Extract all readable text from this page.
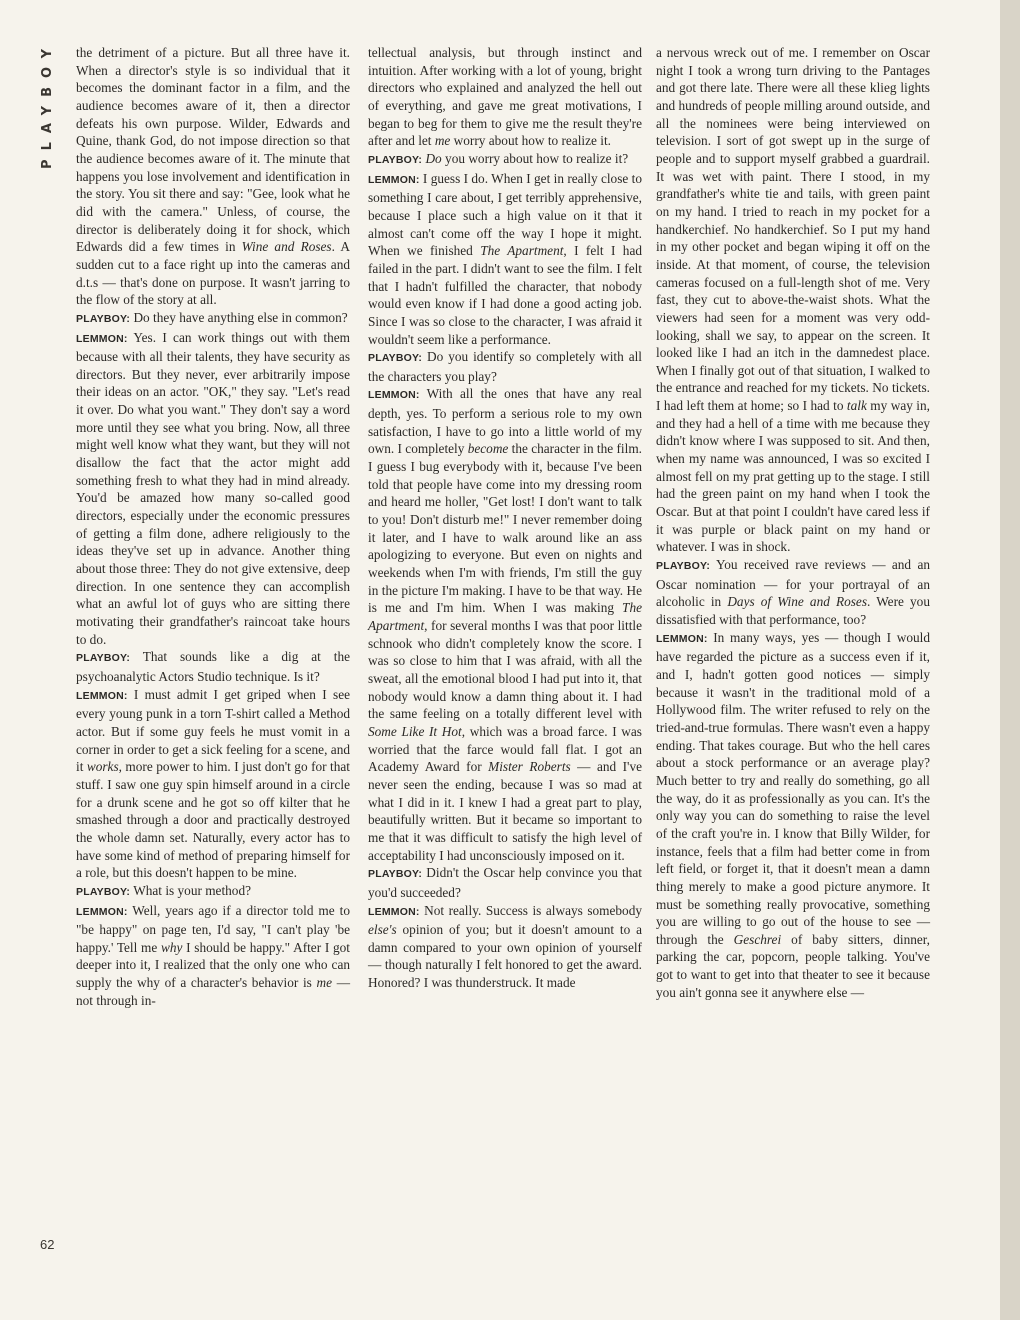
PLAYBOY
62

the detriment of a picture. But all three have it. When a director's style is so individual that it becomes the dominant factor in a film, and the audience becomes aware of it, then a director defeats his own purpose. Wilder, Edwards and Quine, thank God, do not impose direction so that the audience becomes aware of it. The minute that happens you lose involvement and identification in the story. You sit there and say: "Gee, look what he did with the camera." Unless, of course, the director is deliberately doing it for shock, which Edwards did a few times in Wine and Roses. A sudden cut to a face right up into the cameras and d.t.s — that's done on purpose. It wasn't jarring to the flow of the story at all.

PLAYBOY: Do they have anything else in common?

LEMMON: Yes. I can work things out with them because with all their talents, they have security as directors. But they never, ever arbitrarily impose their ideas on an actor. "OK," they say. "Let's read it over. Do what you want." They don't say a word more until they see what you bring. Now, all three might well know what they want, but they will not disallow the fact that the actor might add something fresh to what they had in mind already. You'd be amazed how many so-called good directors, especially under the economic pressures of getting a film done, adhere religiously to the ideas they've set up in advance. Another thing about those three: They do not give extensive, deep direction. In one sentence they can accomplish what an awful lot of guys who are sitting there motivating their grandfather's raincoat take hours to do.

PLAYBOY: That sounds like a dig at the psychoanalytic Actors Studio technique. Is it?

LEMMON: I must admit I get griped when I see every young punk in a torn T-shirt called a Method actor. But if some guy feels he must vomit in a corner in order to get a sick feeling for a scene, and it works, more power to him. I just don't go for that stuff. I saw one guy spin himself around in a circle for a drunk scene and he got so off kilter that he smashed through a door and practically destroyed the whole damn set. Naturally, every actor has to have some kind of method of preparing himself for a role, but this doesn't happen to be mine.

PLAYBOY: What is your method?

LEMMON: Well, years ago if a director told me to "be happy" on page ten, I'd say, "I can't play 'be happy.' Tell me why I should be happy." After I got deeper into it, I realized that the only one who can supply the why of a character's behavior is me — not through in-

tellectual analysis, but through instinct and intuition. After working with a lot of young, bright directors who explained and analyzed the hell out of everything, and gave me great motivations, I began to beg for them to give me the result they're after and let me worry about how to realize it.

PLAYBOY: Do you worry about how to realize it?

LEMMON: I guess I do. When I get in really close to something I care about, I get terribly apprehensive, because I place such a high value on it that it almost can't come off the way I hope it might. When we finished The Apartment, I felt I had failed in the part. I didn't want to see the film. I felt that I hadn't fulfilled the character, that nobody would even know if I had done a good acting job. Since I was so close to the character, I was afraid it wouldn't seem like a performance.

PLAYBOY: Do you identify so completely with all the characters you play?

LEMMON: With all the ones that have any real depth, yes. To perform a serious role to my own satisfaction, I have to go into a little world of my own. I completely become the character in the film. I guess I bug everybody with it, because I've been told that people have come into my dressing room and heard me holler, "Get lost! I don't want to talk to you! Don't disturb me!" I never remember doing it later, and I have to walk around like an ass apologizing to everyone. But even on nights and weekends when I'm with friends, I'm still the guy in the picture I'm making. I have to be that way. He is me and I'm him. When I was making The Apartment, for several months I was that poor little schnook who didn't completely know the score. I was so close to him that I was afraid, with all the sweat, all the emotional blood I had put into it, that nobody would know a damn thing about it. I had the same feeling on a totally different level with Some Like It Hot, which was a broad farce. I was worried that the farce would fall flat. I got an Academy Award for Mister Roberts — and I've never seen the ending, because I was so mad at what I did in it. I knew I had a great part to play, beautifully written. But it became so important to me that it was difficult to satisfy the high level of acceptability I had unconsciously imposed on it.

PLAYBOY: Didn't the Oscar help convince you that you'd succeeded?

LEMMON: Not really. Success is always somebody else's opinion of you; but it doesn't amount to a damn compared to your own opinion of yourself — though naturally I felt honored to get the award. Honored? I was thunderstruck. It made

a nervous wreck out of me. I remember on Oscar night I took a wrong turn driving to the Pantages and got there late. There were all these klieg lights and hundreds of people milling around outside, and all the nominees were being interviewed on television. I sort of got swept up in the surge of people and to support myself grabbed a guardrail. It was wet with paint. There I stood, in my grandfather's white tie and tails, with green paint on my hand. I tried to reach in my pocket for a handkerchief. No handkerchief. So I put my hand in my other pocket and began wiping it off on the inside. At that moment, of course, the television cameras focused on a full-length shot of me. Very fast, they cut to above-the-waist shots. What the viewers had seen for a moment was very odd-looking, shall we say, to appear on the screen. It looked like I had an itch in the damnedest place. When I finally got out of that situation, I walked to the entrance and reached for my tickets. No tickets. I had left them at home; so I had to talk my way in, and they had a hell of a time with me because they didn't know where I was supposed to sit. And then, when my name was announced, I was so excited I almost fell on my prat getting up to the stage. I still had the green paint on my hand when I took the Oscar. But at that point I couldn't have cared less if it was purple or black paint on my hand or whatever. I was in shock.

PLAYBOY: You received rave reviews — and an Oscar nomination — for your portrayal of an alcoholic in Days of Wine and Roses. Were you dissatisfied with that performance, too?

LEMMON: In many ways, yes — though I would have regarded the picture as a success even if it, and I, hadn't gotten good notices — simply because it wasn't in the traditional mold of a Hollywood film. The writer refused to rely on the tried-and-true formulas. There wasn't even a happy ending. That takes courage. But who the hell cares about a stock performance or an average play? Much better to try and really do something, go all the way, do it as professionally as you can. It's the only way you can do something to raise the level of the craft you're in. I know that Billy Wilder, for instance, feels that a film had better come in from left field, or forget it, that it doesn't mean a damn thing merely to make a good picture anymore. It must be something really provocative, something you are willing to go out of the house to see — through the Geschrei of baby sitters, dinner, parking the car, popcorn, people talking. You've got to want to get into that theater to see it because you ain't gonna see it anywhere else —
